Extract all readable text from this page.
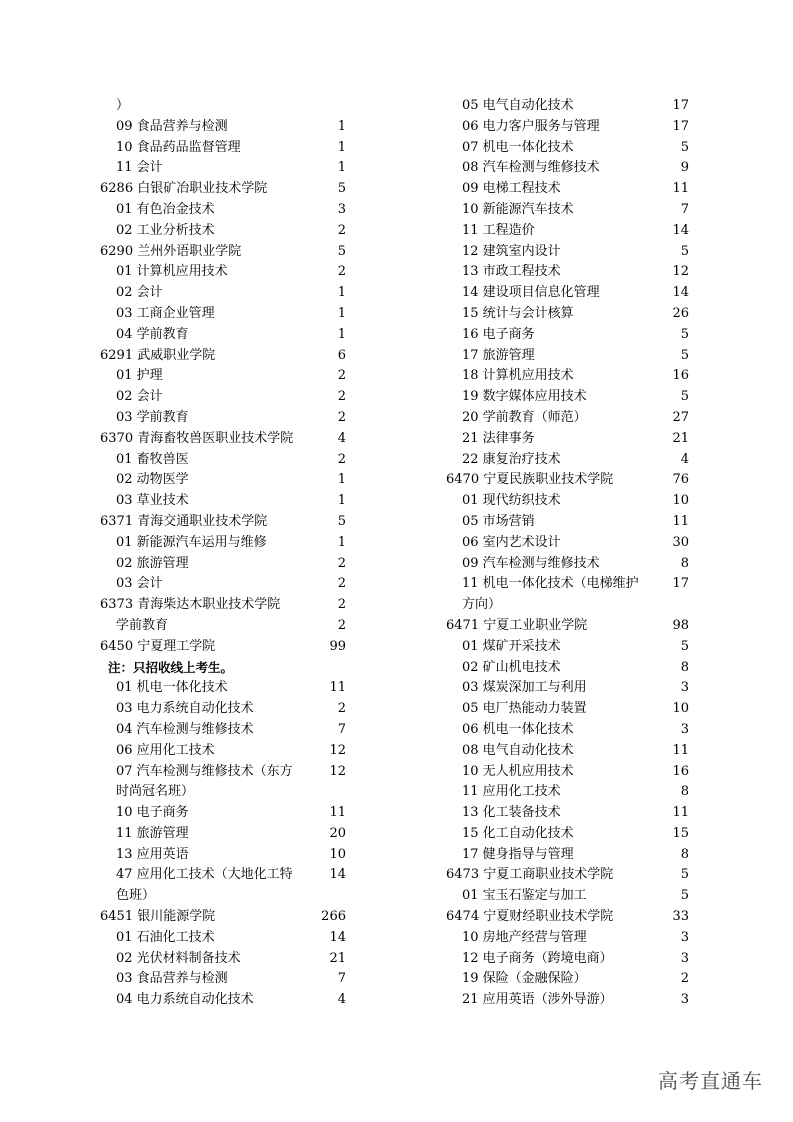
）
09 食品营养与检测	1
10 食品药品监督管理	1
11 会计	1
6286 白银矿冶职业技术学院	5
01 有色冶金技术	3
02 工业分析技术	2
6290 兰州外语职业学院	5
01 计算机应用技术	2
02 会计	1
03 工商企业管理	1
04 学前教育	1
6291 武威职业学院	6
01 护理	2
02 会计	2
03 学前教育	2
6370 青海畜牧兽医职业技术学院	4
01 畜牧兽医	2
02 动物医学	1
03 草业技术	1
6371 青海交通职业技术学院	5
01 新能源汽车运用与维修	1
02 旅游管理	2
03 会计	2
6373 青海柴达木职业技术学院	2
学前教育	2
6450 宁夏理工学院	99
注：只招收线上考生。
01 机电一体化技术	11
03 电力系统自动化技术	2
04 汽车检测与维修技术	7
06 应用化工技术	12
07 汽车检测与维修技术（东方	12
时尚冠名班）
10 电子商务	11
11 旅游管理	20
13 应用英语	10
47 应用化工技术（大地化工特	14
色班）
6451 银川能源学院	266
01 石油化工技术	14
02 光伏材料制备技术	21
03 食品营养与检测	7
04 电力系统自动化技术	4
05 电气自动化技术	17
06 电力客户服务与管理	17
07 机电一体化技术	5
08 汽车检测与维修技术	9
09 电梯工程技术	11
10 新能源汽车技术	7
11 工程造价	14
12 建筑室内设计	5
13 市政工程技术	12
14 建设项目信息化管理	14
15 统计与会计核算	26
16 电子商务	5
17 旅游管理	5
18 计算机应用技术	16
19 数字媒体应用技术	5
20 学前教育（师范）	27
21 法律事务	21
22 康复治疗技术	4
6470 宁夏民族职业技术学院	76
01 现代纺织技术	10
05 市场营销	11
06 室内艺术设计	30
09 汽车检测与维修技术	8
11 机电一体化技术（电梯维护	17
方向）
6471 宁夏工业职业学院	98
01 煤矿开采技术	5
02 矿山机电技术	8
03 煤炭深加工与利用	3
05 电厂热能动力装置	10
06 机电一体化技术	3
08 电气自动化技术	11
10 无人机应用技术	16
11 应用化工技术	8
13 化工装备技术	11
15 化工自动化技术	15
17 健身指导与管理	8
6473 宁夏工商职业技术学院	5
01 宝玉石鉴定与加工	5
6474 宁夏财经职业技术学院	33
10 房地产经营与管理	3
12 电子商务（跨境电商）	3
19 保险（金融保险）	2
21 应用英语（涉外导游）	3
高考直通车
